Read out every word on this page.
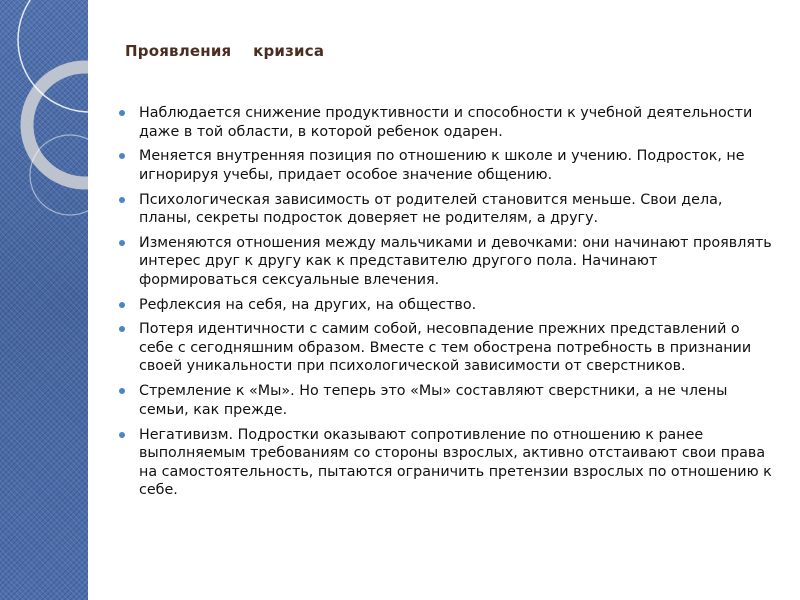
Проявления    кризиса
Наблюдается снижение продуктивности и способности к учебной деятельности даже в той области, в которой ребенок одарен.
Меняется внутренняя позиция по отношению к школе и учению. Подросток, не игнорируя учебы, придает особое значение общению.
Психологическая зависимость от родителей становится меньше. Свои дела, планы, секреты подросток доверяет не родителям, а другу.
Изменяются отношения между мальчиками и девочками: они начинают проявлять интерес друг к другу как к представителю другого пола. Начинают формироваться сексуальные влечения.
Рефлексия на себя, на других, на общество.
Потеря идентичности с самим собой, несовпадение прежних представлений о себе с сегодняшним образом. Вместе с тем обострена потребность в признании своей уникальности при психологической зависимости от сверстников.
Стремление к «Мы». Но теперь это «Мы» составляют сверстники, а не члены семьи, как прежде.
Негативизм. Подростки оказывают сопротивление по отношению к ранее выполняемым требованиям со стороны взрослых, активно отстаивают свои права на самостоятельность, пытаются ограничить претензии взрослых по отношению к себе.
